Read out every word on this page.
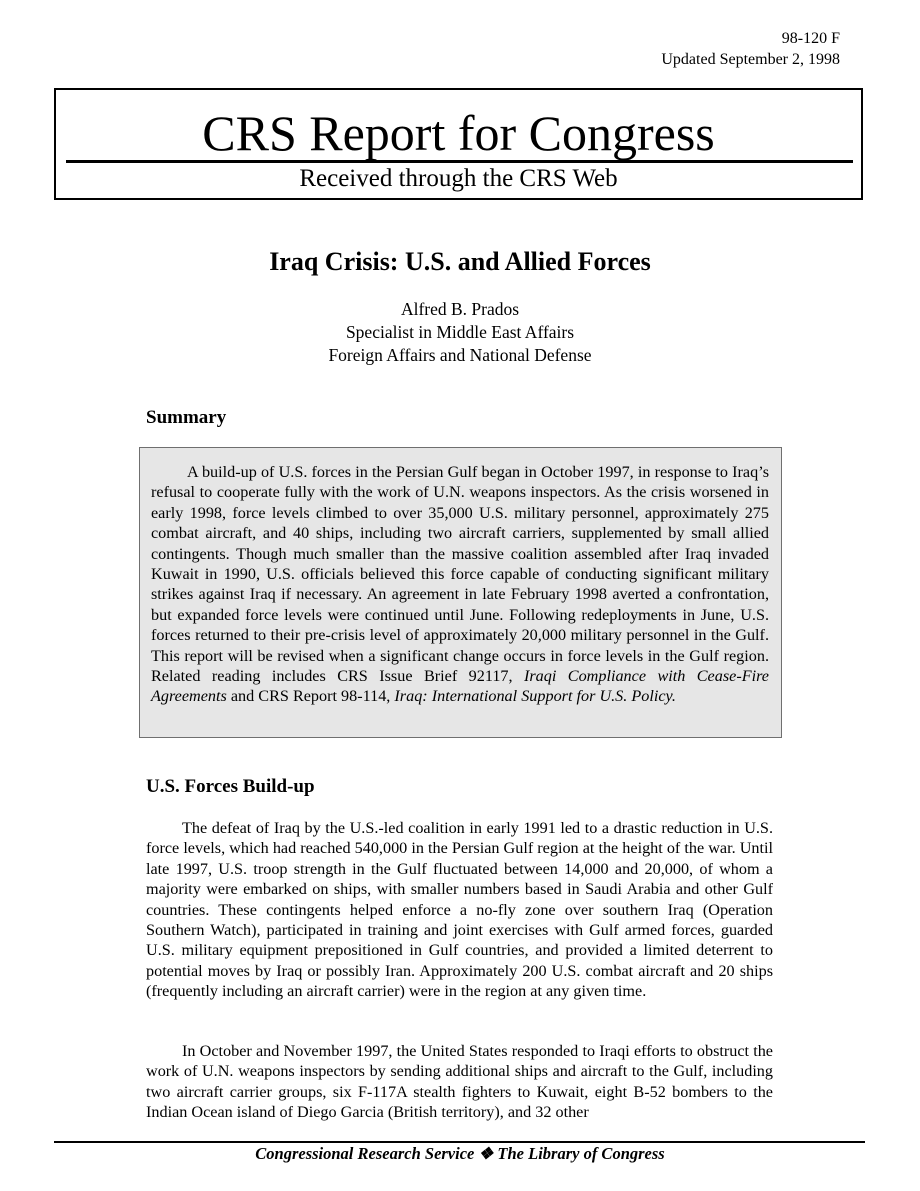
98-120 F
Updated September 2, 1998
CRS Report for Congress
Received through the CRS Web
Iraq Crisis: U.S. and Allied Forces
Alfred B. Prados
Specialist in Middle East Affairs
Foreign Affairs and National Defense
Summary

A build-up of U.S. forces in the Persian Gulf began in October 1997, in response to Iraq’s refusal to cooperate fully with the work of U.N. weapons inspectors. As the crisis worsened in early 1998, force levels climbed to over 35,000 U.S. military personnel, approximately 275 combat aircraft, and 40 ships, including two aircraft carriers, supplemented by small allied contingents. Though much smaller than the massive coalition assembled after Iraq invaded Kuwait in 1990, U.S. officials believed this force capable of conducting significant military strikes against Iraq if necessary. An agreement in late February 1998 averted a confrontation, but expanded force levels were continued until June. Following redeployments in June, U.S. forces returned to their pre-crisis level of approximately 20,000 military personnel in the Gulf. This report will be revised when a significant change occurs in force levels in the Gulf region. Related reading includes CRS Issue Brief 92117, Iraqi Compliance with Cease-Fire Agreements and CRS Report 98-114, Iraq: International Support for U.S. Policy.

U.S. Forces Build-up

The defeat of Iraq by the U.S.-led coalition in early 1991 led to a drastic reduction in U.S. force levels, which had reached 540,000 in the Persian Gulf region at the height of the war. Until late 1997, U.S. troop strength in the Gulf fluctuated between 14,000 and 20,000, of whom a majority were embarked on ships, with smaller numbers based in Saudi Arabia and other Gulf countries. These contingents helped enforce a no-fly zone over southern Iraq (Operation Southern Watch), participated in training and joint exercises with Gulf armed forces, guarded U.S. military equipment prepositioned in Gulf countries, and provided a limited deterrent to potential moves by Iraq or possibly Iran. Approximately 200 U.S. combat aircraft and 20 ships (frequently including an aircraft carrier) were in the region at any given time.

In October and November 1997, the United States responded to Iraqi efforts to obstruct the work of U.N. weapons inspectors by sending additional ships and aircraft to the Gulf, including two aircraft carrier groups, six F-117A stealth fighters to Kuwait, eight B-52 bombers to the Indian Ocean island of Diego Garcia (British territory), and 32 other

Congressional Research Service ❖ The Library of Congress
